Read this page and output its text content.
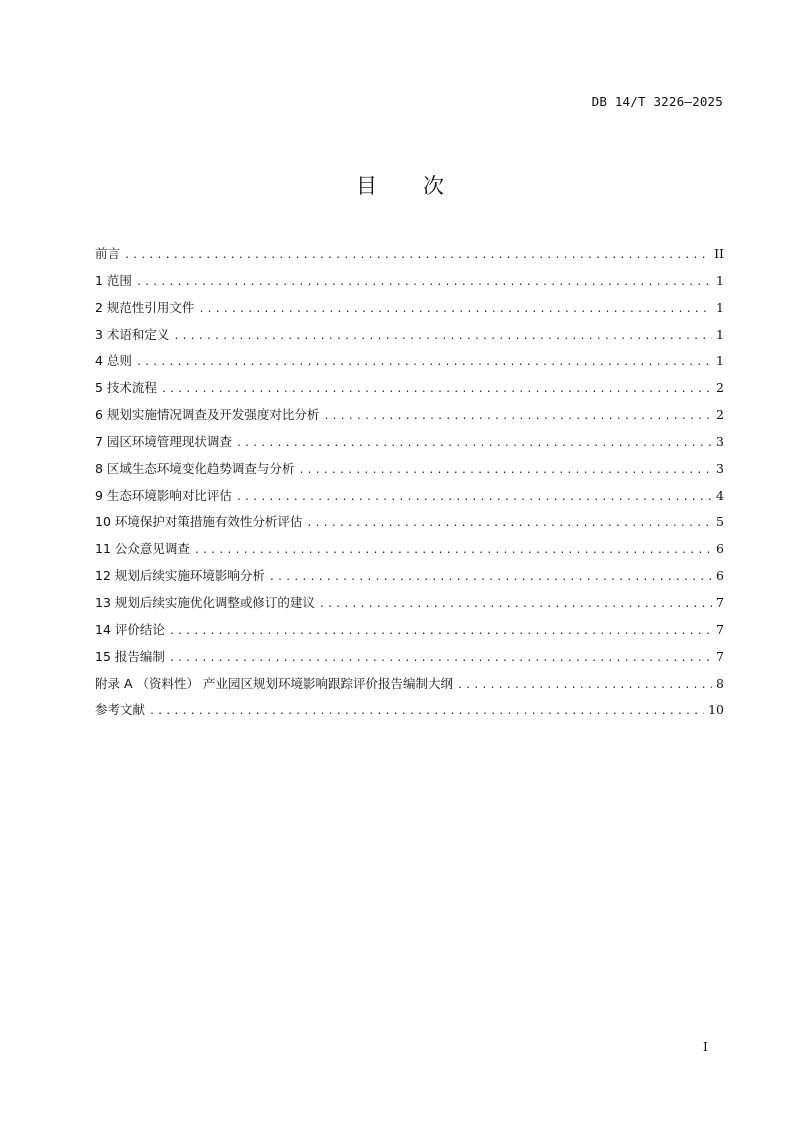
DB 14/T 3226—2025
目 次
前言 .....	II
1 范围 .....	1
2 规范性引用文件 .....	1
3 术语和定义 .....	1
4 总则 .....	1
5 技术流程 .....	2
6 规划实施情况调查及开发强度对比分析 .....	2
7 园区环境管理现状调查 .....	3
8 区域生态环境变化趋势调查与分析 .....	3
9 生态环境影响对比评估 .....	4
10 环境保护对策措施有效性分析评估 .....	5
11 公众意见调查 .....	6
12 规划后续实施环境影响分析 .....	6
13 规划后续实施优化调整或修订的建议 .....	7
14 评价结论 .....	7
15 报告编制 .....	7
附录 A （资料性） 产业园区规划环境影响跟踪评价报告编制大纲 .....	8
参考文献 .....	10
I
